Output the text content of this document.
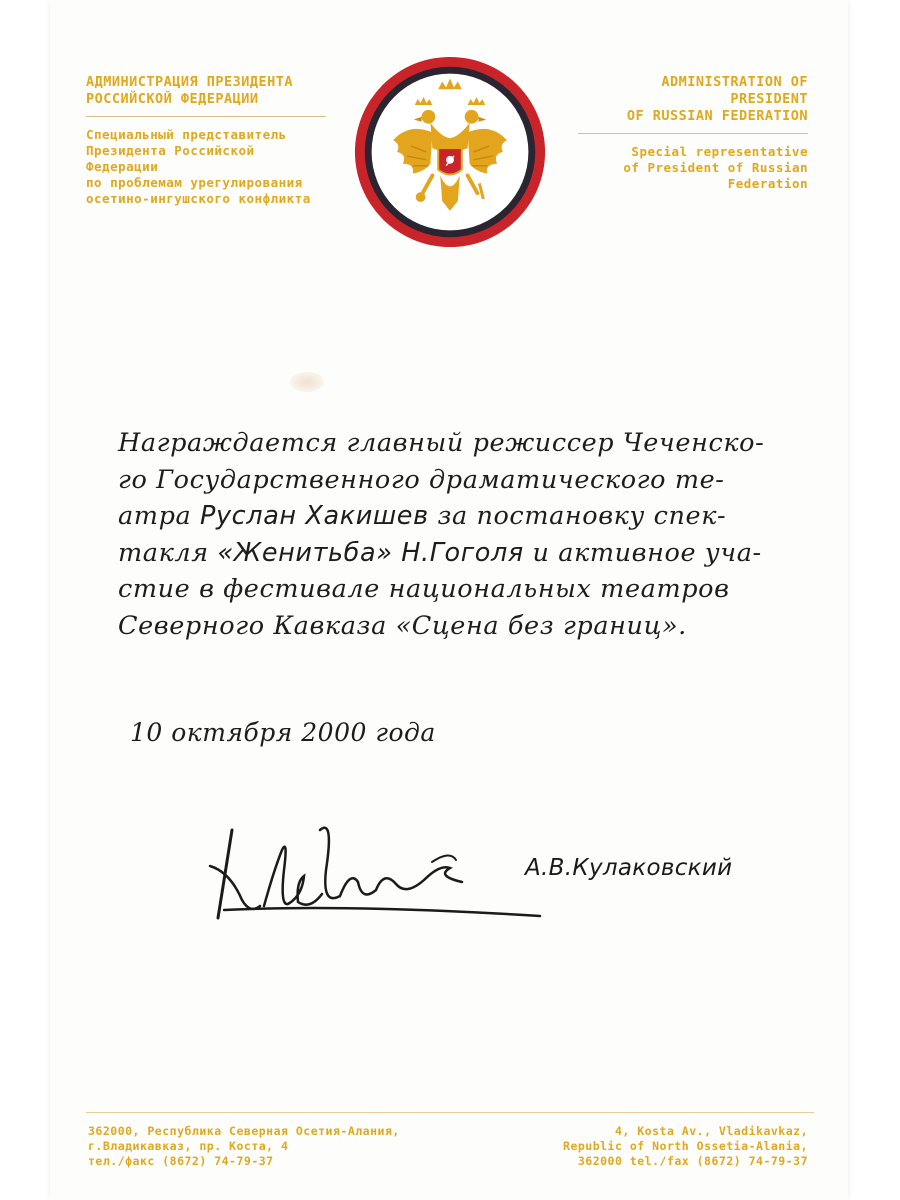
АДМИНИСТРАЦИЯ ПРЕЗИДЕНТА
РОССИЙСКОЙ ФЕДЕРАЦИИ
Специальный представитель
Президента Российской Федерации
по проблемам урегулирования
осетино-ингушского конфликта
ADMINISTRATION OF PRESIDENT
OF RUSSIAN FEDERATION
Special representative
of President of Russian Federation
Награждается главный режиссер Чеченско-
го Государственного драматического те-
атра Руслан Хакишев за постановку спек-
такля «Женитьба» Н.Гоголя и активное уча-
стие в фестивале национальных театров
Северного Кавказа «Сцена без границ».
10 октября 2000 года
А.В.Кулаковский
362000, Республика Северная Осетия-Алания,
г.Владикавказ, пр. Коста, 4
тел./факс (8672) 74-79-37
4, Kosta Av., Vladikavkaz,
Republic of North Ossetia-Alania,
362000 tel./fax (8672) 74-79-37
